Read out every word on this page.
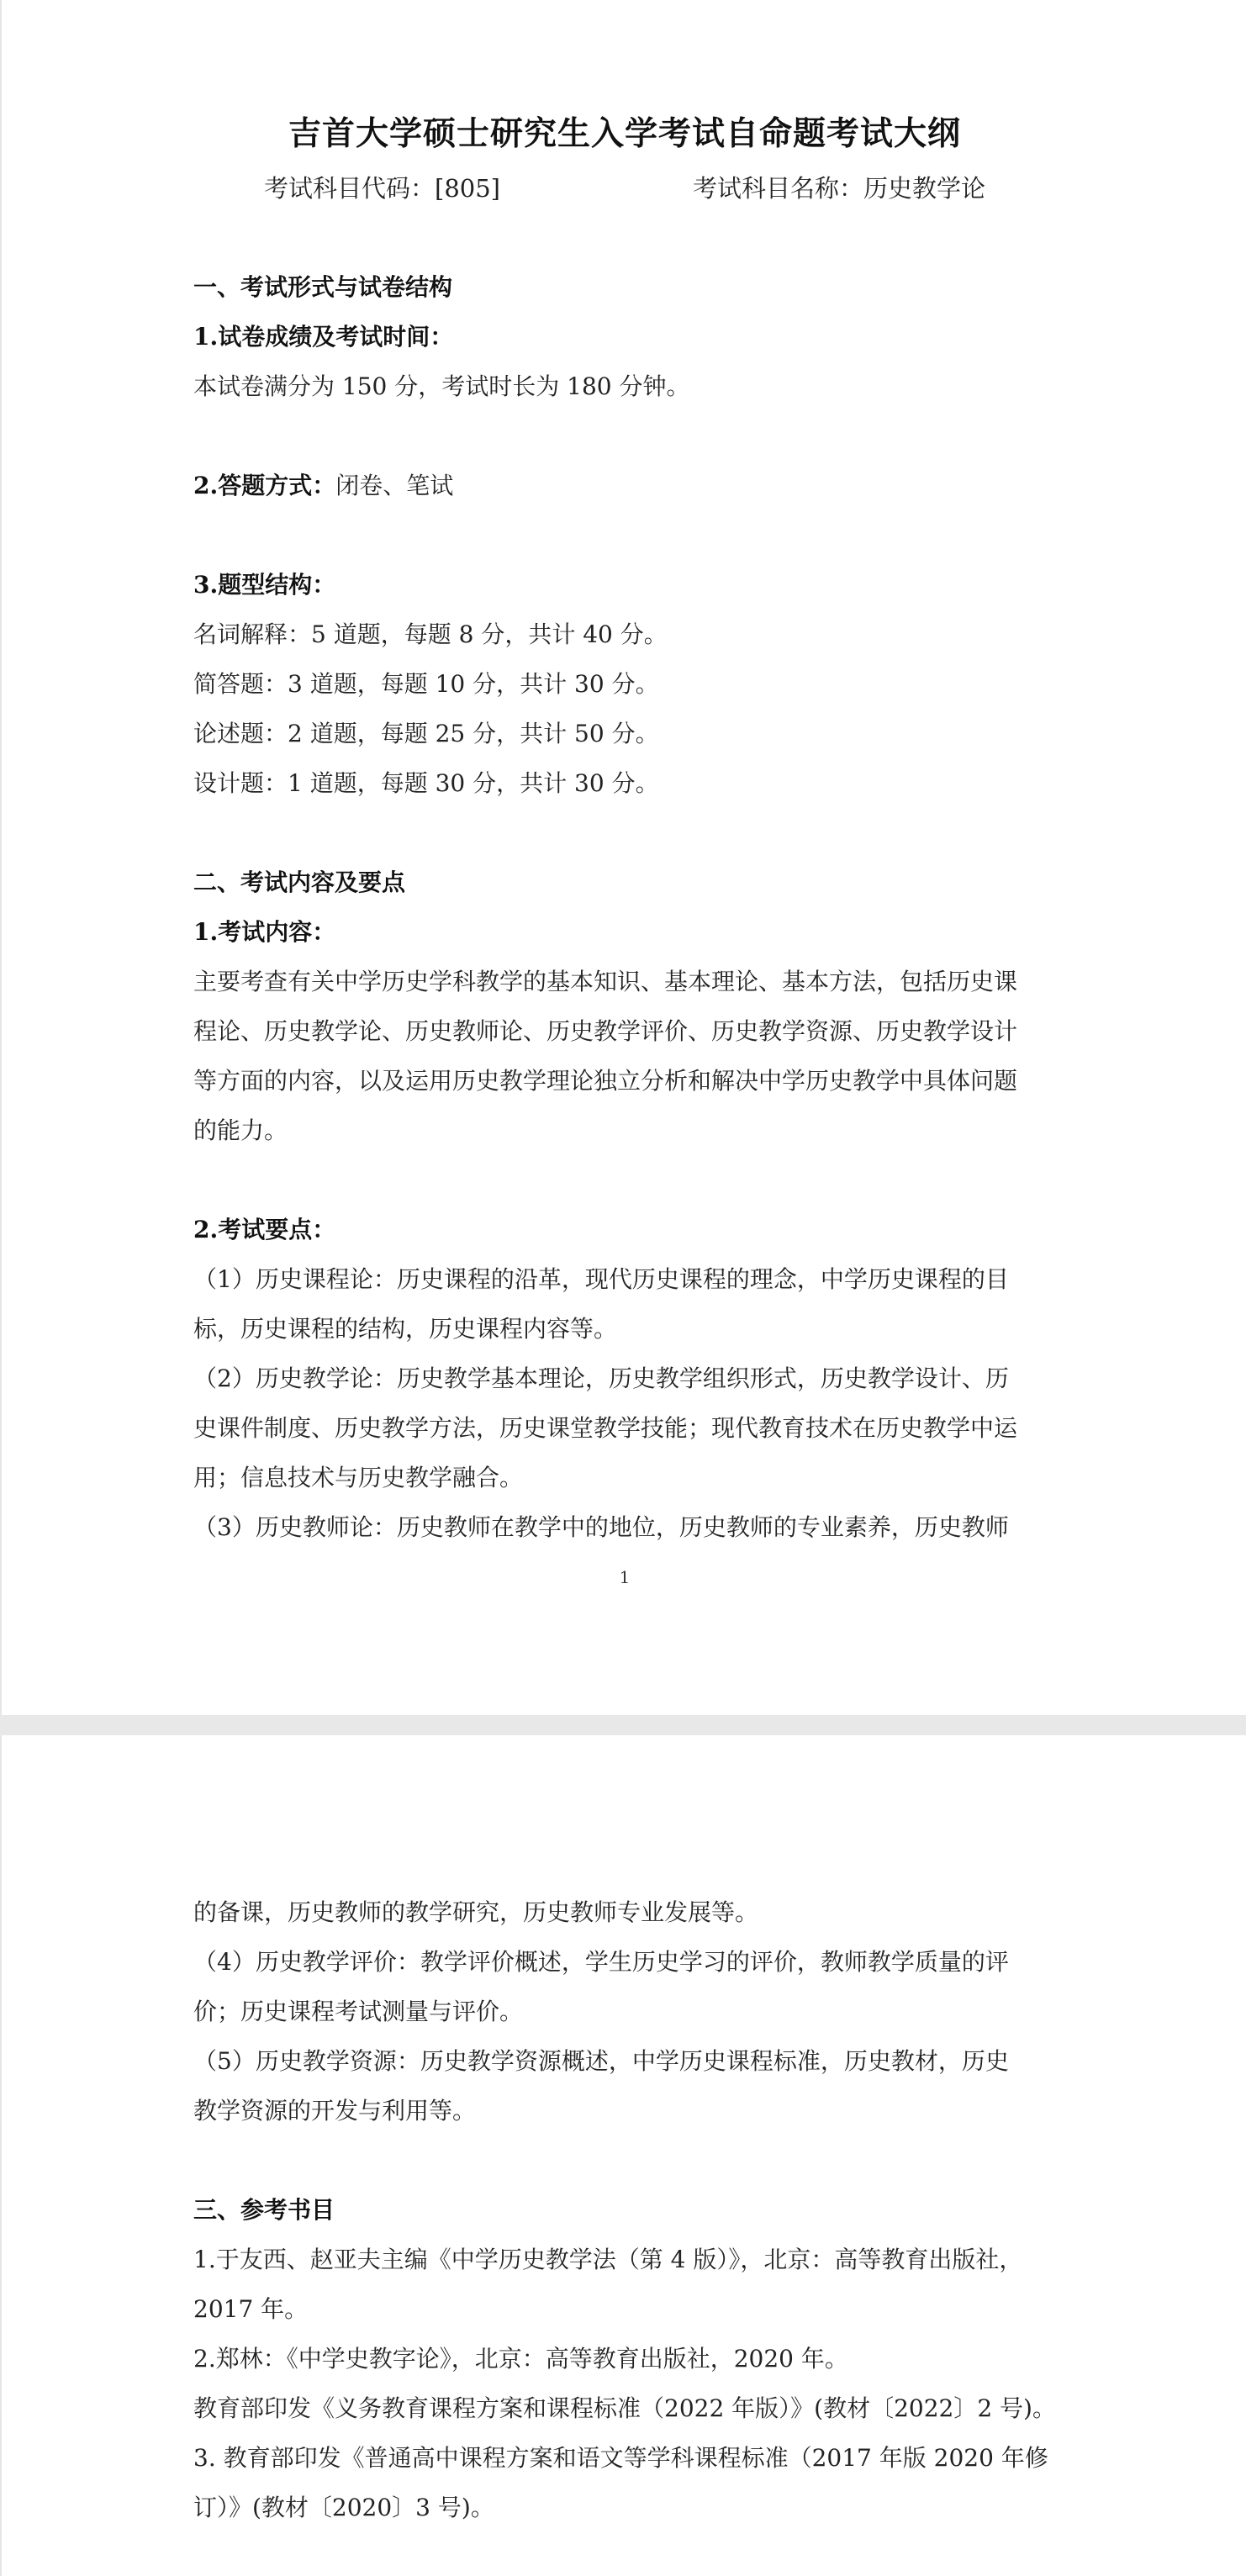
吉首大学硕士研究生入学考试自命题考试大纲
考试科目代码：[805]	考试科目名称：历史教学论

一、考试形式与试卷结构

1.试卷成绩及考试时间：

本试卷满分为 150 分，考试时长为 180 分钟。

2.答题方式：闭卷、笔试

3.题型结构：

名词解释：5 道题，每题 8 分，共计 40 分。

简答题：3 道题，每题 10 分，共计 30 分。

论述题：2 道题，每题 25 分，共计 50 分。

设计题：1 道题，每题 30 分，共计 30 分。

二、考试内容及要点

1.考试内容：

主要考查有关中学历史学科教学的基本知识、基本理论、基本方法，包括历史课

程论、历史教学论、历史教师论、历史教学评价、历史教学资源、历史教学设计

等方面的内容，以及运用历史教学理论独立分析和解决中学历史教学中具体问题

的能力。

2.考试要点：

（1）历史课程论：历史课程的沿革，现代历史课程的理念，中学历史课程的目

标，历史课程的结构，历史课程内容等。

（2）历史教学论：历史教学基本理论，历史教学组织形式，历史教学设计、历

史课件制度、历史教学方法，历史课堂教学技能；现代教育技术在历史教学中运

用；信息技术与历史教学融合。

（3）历史教师论：历史教师在教学中的地位，历史教师的专业素养，历史教师

1

的备课，历史教师的教学研究，历史教师专业发展等。

（4）历史教学评价：教学评价概述，学生历史学习的评价，教师教学质量的评

价；历史课程考试测量与评价。

（5）历史教学资源：历史教学资源概述，中学历史课程标准，历史教材，历史

教学资源的开发与利用等。

三、参考书目

1.于友西、赵亚夫主编《中学历史教学法（第 4 版）》，北京：高等教育出版社，

2017 年。

2.郑林：《中学史教字论》，北京：高等教育出版社，2020 年。

教育部印发《义务教育课程方案和课程标准（2022 年版）》(教材〔2022〕2 号)。

3. 教育部印发《普通高中课程方案和语文等学科课程标准（2017 年版 2020 年修

订）》(教材〔2020〕3 号)。
